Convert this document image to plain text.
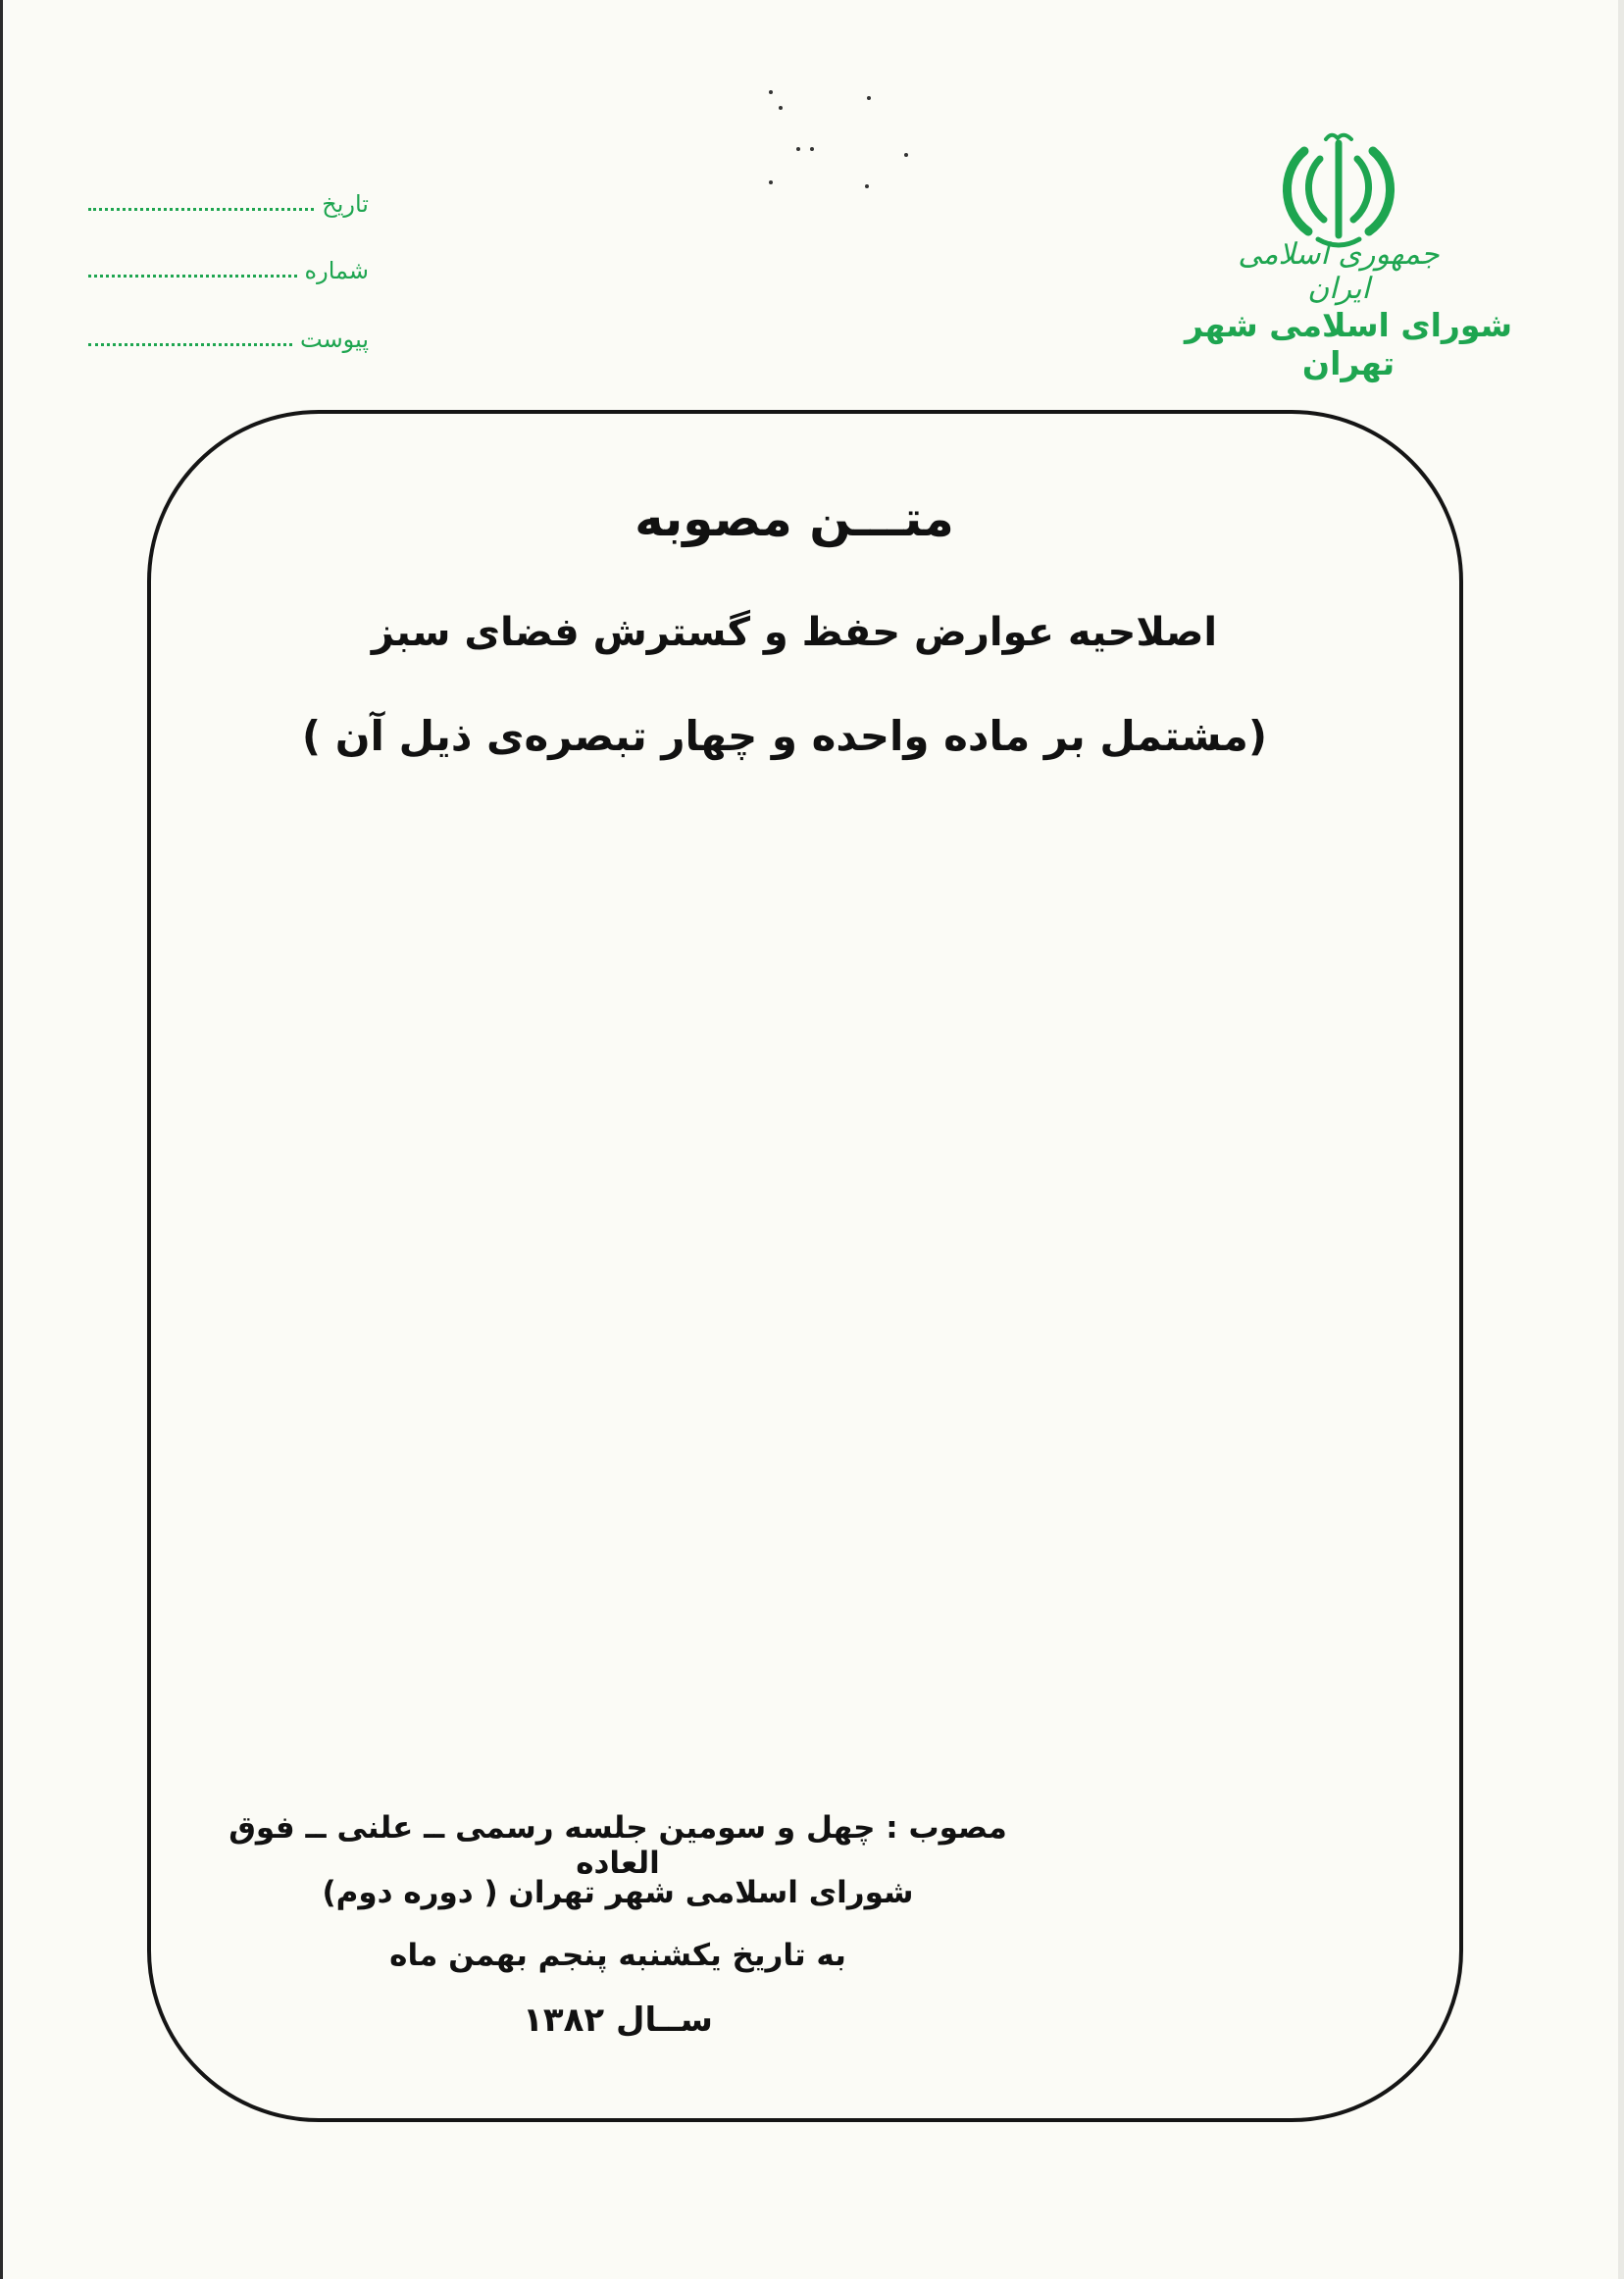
جمهوری اسلامی ایران
شورای اسلامی شهر تهران
تاریخ
شماره
پیوست
متـــن مصوبه
اصلاحیه عوارض حفظ و گسترش فضای سبز
(مشتمل بر ماده واحده و چهار تبصره‌ی ذیل آن )
مصوب : چهل و سومین جلسه رسمی ــ علنی ــ فوق العاده
شورای اسلامی شهر تهران ( دوره دوم)
به تاریخ یکشنبه پنجم بهمن ماه
ســال ۱۳۸۲
